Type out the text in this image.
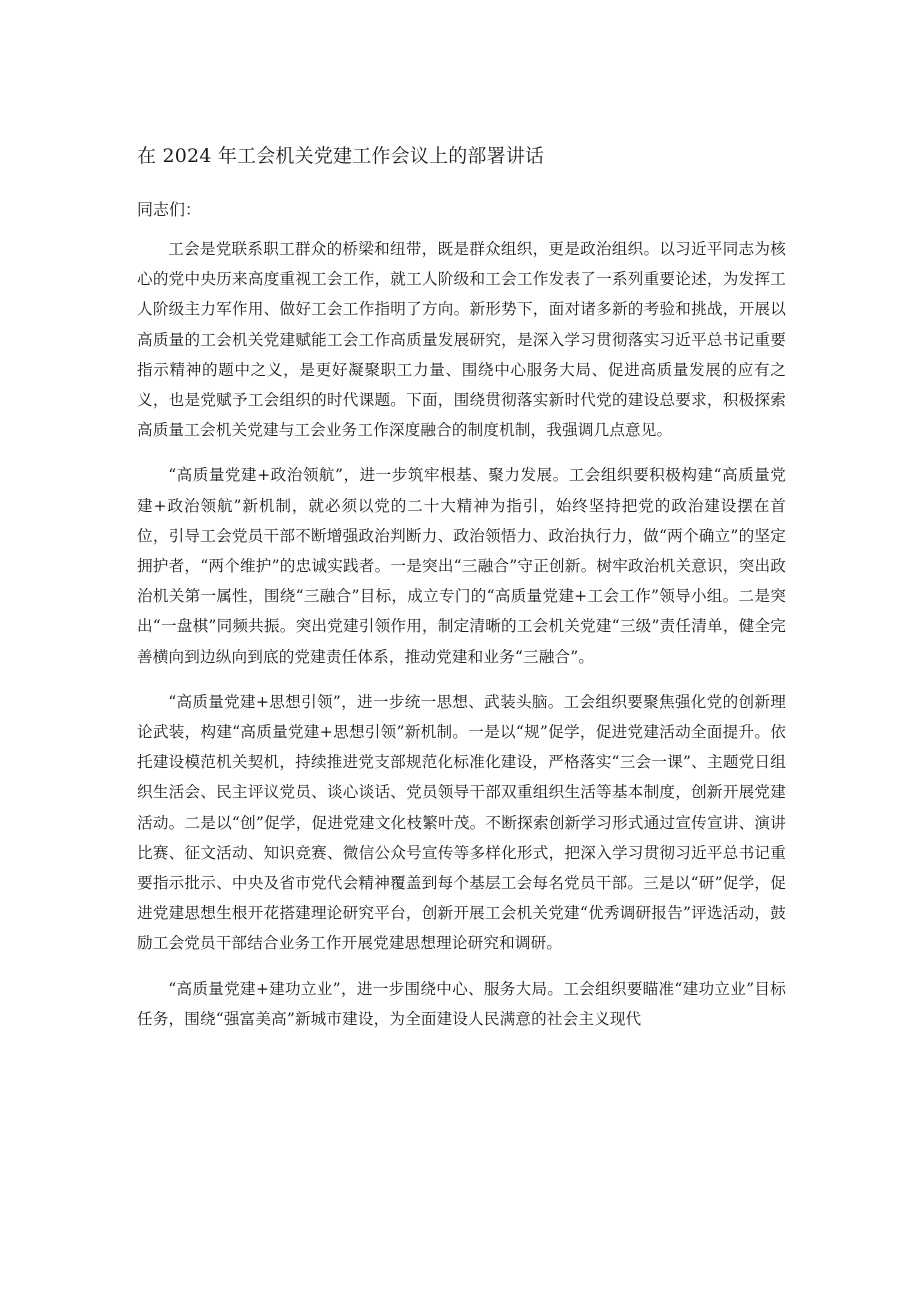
在 2024 年工会机关党建工作会议上的部署讲话

同志们：

工会是党联系职工群众的桥梁和纽带，既是群众组织，更是政治组织。以习近平同志为核心的党中央历来高度重视工会工作，就工人阶级和工会工作发表了一系列重要论述，为发挥工人阶级主力军作用、做好工会工作指明了方向。新形势下，面对诸多新的考验和挑战，开展以高质量的工会机关党建赋能工会工作高质量发展研究，是深入学习贯彻落实习近平总书记重要指示精神的题中之义，是更好凝聚职工力量、围绕中心服务大局、促进高质量发展的应有之义，也是党赋予工会组织的时代课题。下面，围绕贯彻落实新时代党的建设总要求，积极探索高质量工会机关党建与工会业务工作深度融合的制度机制，我强调几点意见。

“高质量党建+政治领航”，进一步筑牢根基、聚力发展。工会组织要积极构建“高质量党建+政治领航”新机制，就必须以党的二十大精神为指引，始终坚持把党的政治建设摆在首位，引导工会党员干部不断增强政治判断力、政治领悟力、政治执行力，做“两个确立”的坚定拥护者，“两个维护”的忠诚实践者。一是突出“三融合”守正创新。树牢政治机关意识，突出政治机关第一属性，围绕“三融合”目标，成立专门的“高质量党建+工会工作”领导小组。二是突出“一盘棋”同频共振。突出党建引领作用，制定清晰的工会机关党建“三级”责任清单，健全完善横向到边纵向到底的党建责任体系，推动党建和业务“三融合”。

“高质量党建+思想引领”，进一步统一思想、武装头脑。工会组织要聚焦强化党的创新理论武装，构建“高质量党建+思想引领”新机制。一是以“规”促学，促进党建活动全面提升。依托建设模范机关契机，持续推进党支部规范化标准化建设，严格落实“三会一课”、主题党日组织生活会、民主评议党员、谈心谈话、党员领导干部双重组织生活等基本制度，创新开展党建活动。二是以“创”促学，促进党建文化枝繁叶茂。不断探索创新学习形式通过宣传宣讲、演讲比赛、征文活动、知识竞赛、微信公众号宣传等多样化形式，把深入学习贯彻习近平总书记重要指示批示、中央及省市党代会精神覆盖到每个基层工会每名党员干部。三是以“研”促学，促进党建思想生根开花搭建理论研究平台，创新开展工会机关党建“优秀调研报告”评选活动，鼓励工会党员干部结合业务工作开展党建思想理论研究和调研。

“高质量党建+建功立业”，进一步围绕中心、服务大局。工会组织要瞄准“建功立业”目标任务，围绕“强富美高”新城市建设，为全面建设人民满意的社会主义现代
